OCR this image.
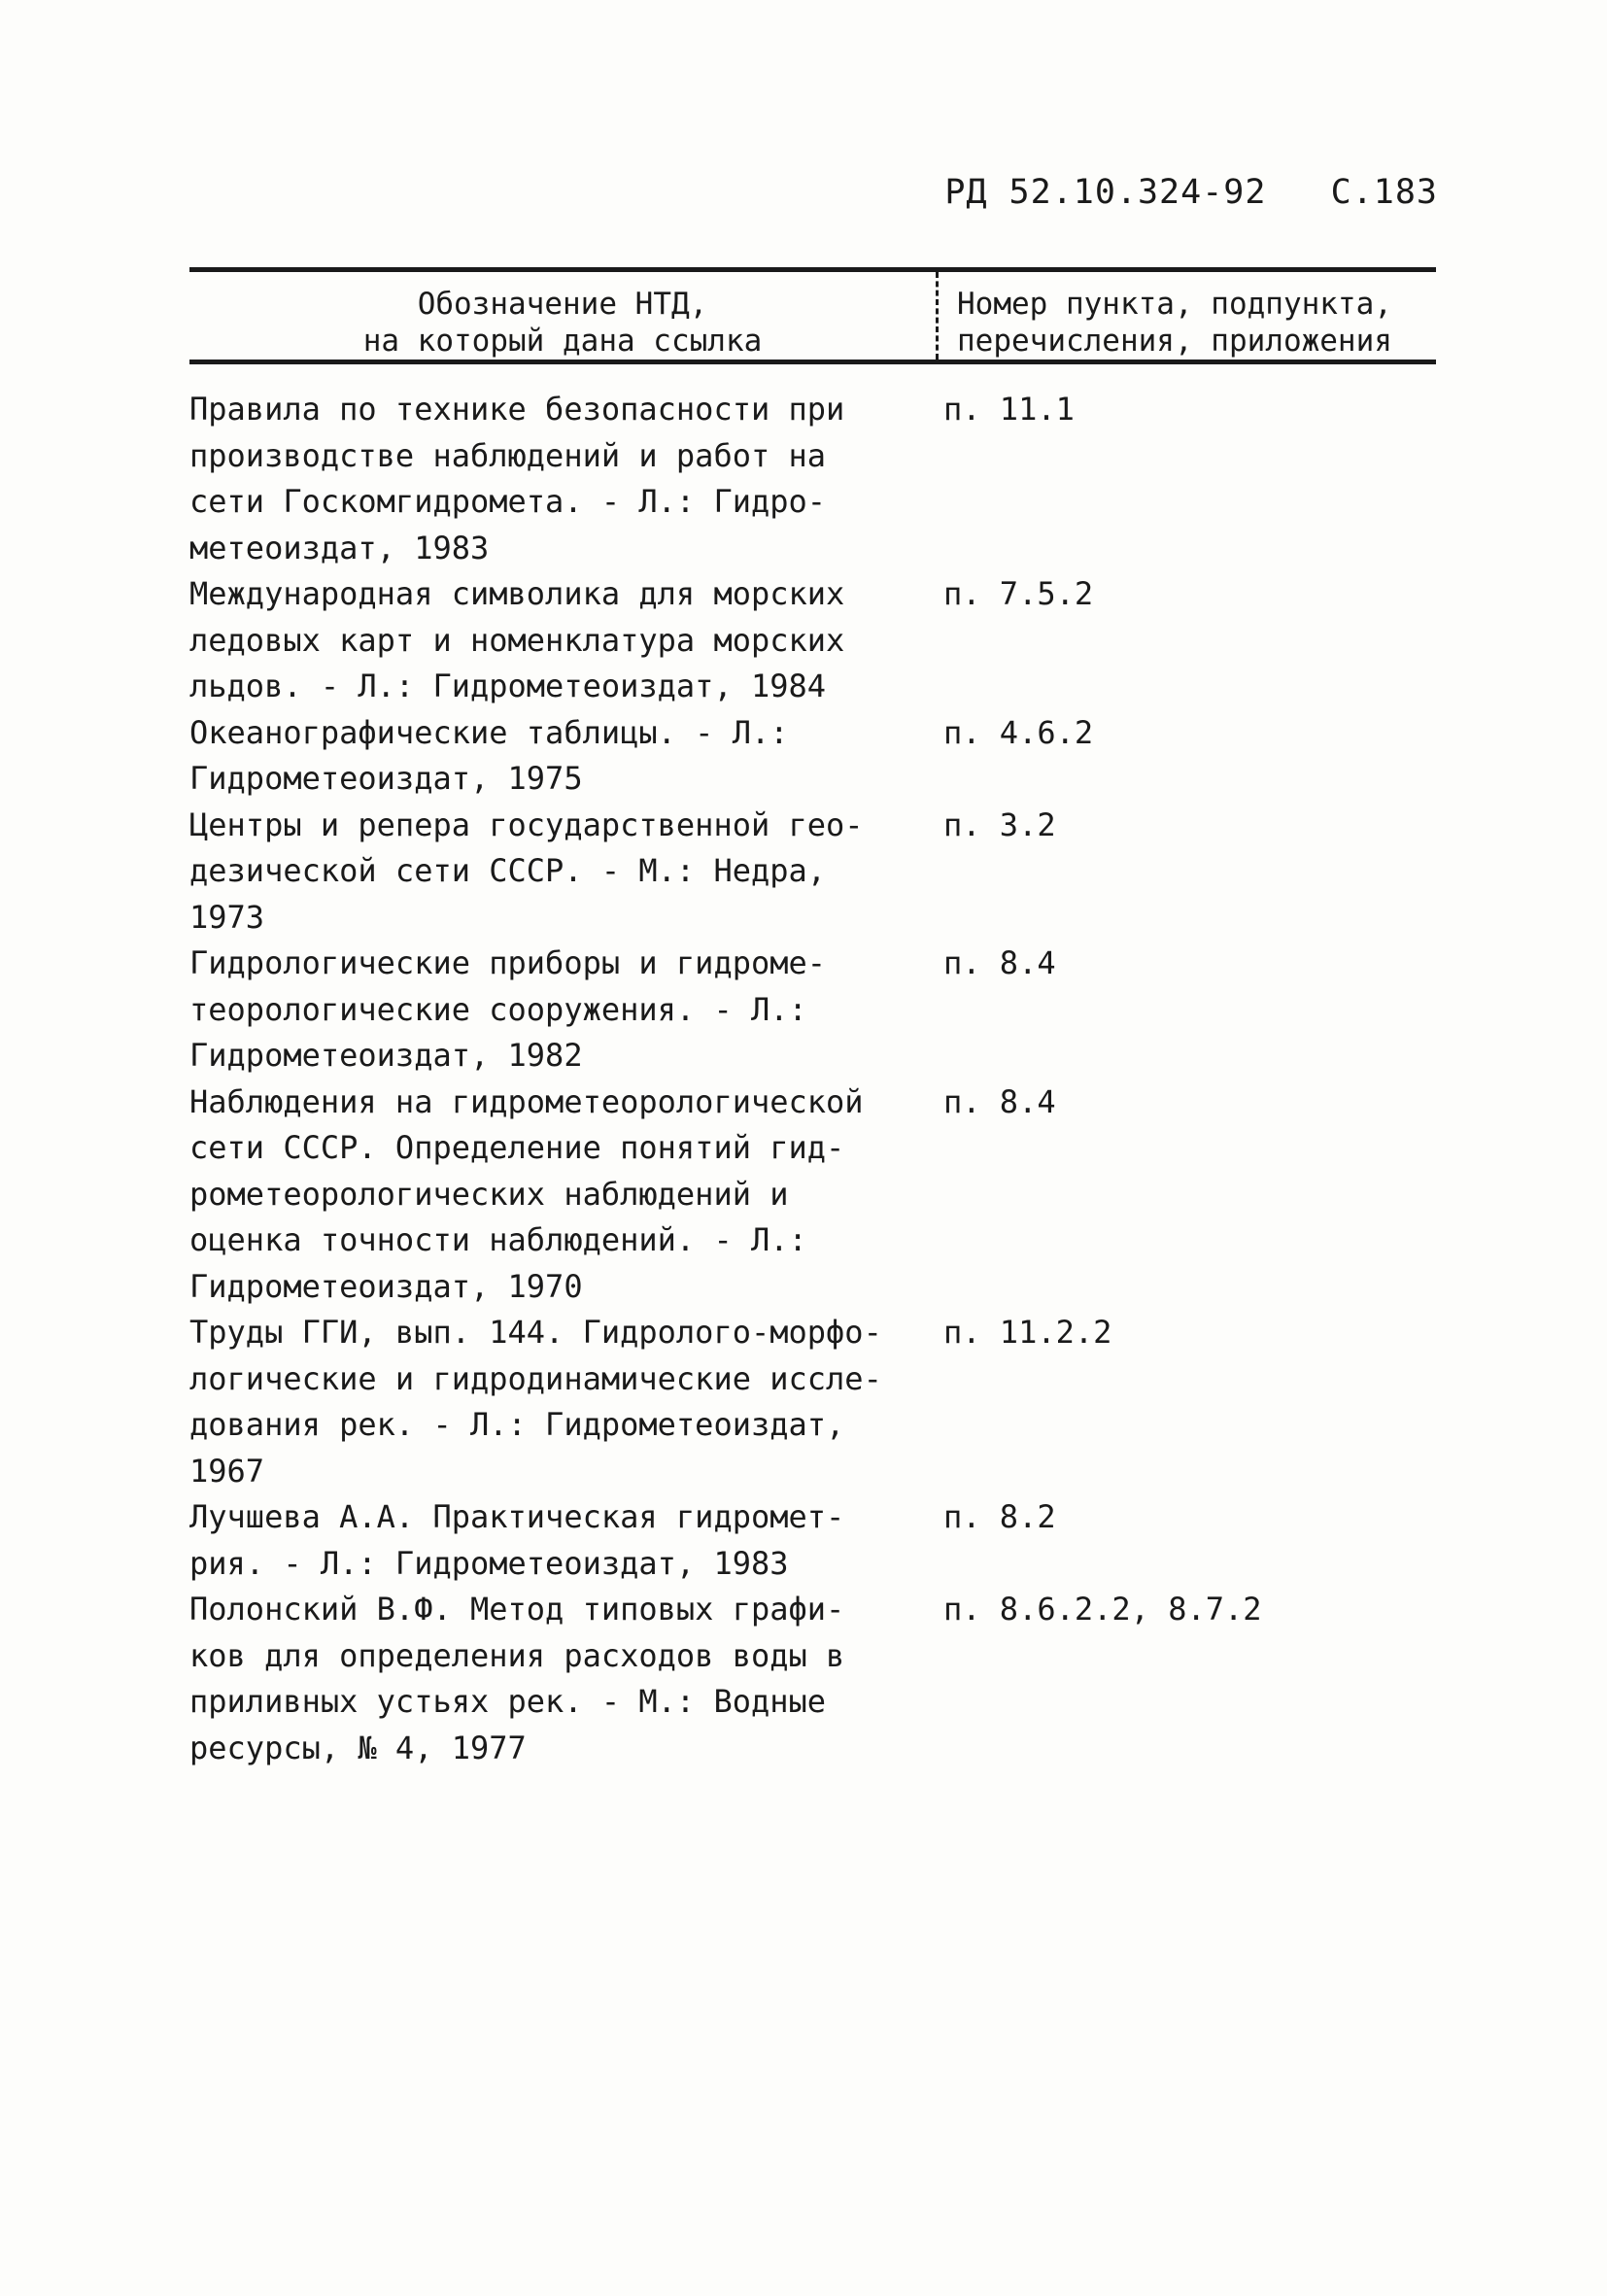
РД 52.10.324-92 С.183
Обозначение НТД,
на который дана ссылка
Номер пункта, подпункта,
перечисления, приложения
Правила по технике безопасности при
производстве наблюдений и работ на
сети Госкомгидромета. - Л.: Гидро-
метеоиздат, 1983
п. 11.1
Международная символика для морских
ледовых карт и номенклатура морских
льдов. - Л.: Гидрометеоиздат, 1984
п. 7.5.2
Океанографические таблицы. - Л.:
Гидрометеоиздат, 1975
п. 4.6.2
Центры и репера государственной гео-
дезической сети СССР. - М.: Недра,
1973
п. 3.2
Гидрологические приборы и гидроме-
теорологические сооружения. - Л.:
Гидрометеоиздат, 1982
п. 8.4
Наблюдения на гидрометеорологической
сети СССР. Определение понятий гид-
рометеорологических наблюдений и
оценка точности наблюдений. - Л.:
Гидрометеоиздат, 1970
п. 8.4
Труды ГГИ, вып. 144. Гидролого-морфо-
логические и гидродинамические иссле-
дования рек. - Л.: Гидрометеоиздат,
1967
п. 11.2.2
Лучшева А.А. Практическая гидромет-
рия. - Л.: Гидрометеоиздат, 1983
п. 8.2
Полонский В.Ф. Метод типовых графи-
ков для определения расходов воды в
приливных устьях рек. - М.: Водные
ресурсы, № 4, 1977
п. 8.6.2.2, 8.7.2
